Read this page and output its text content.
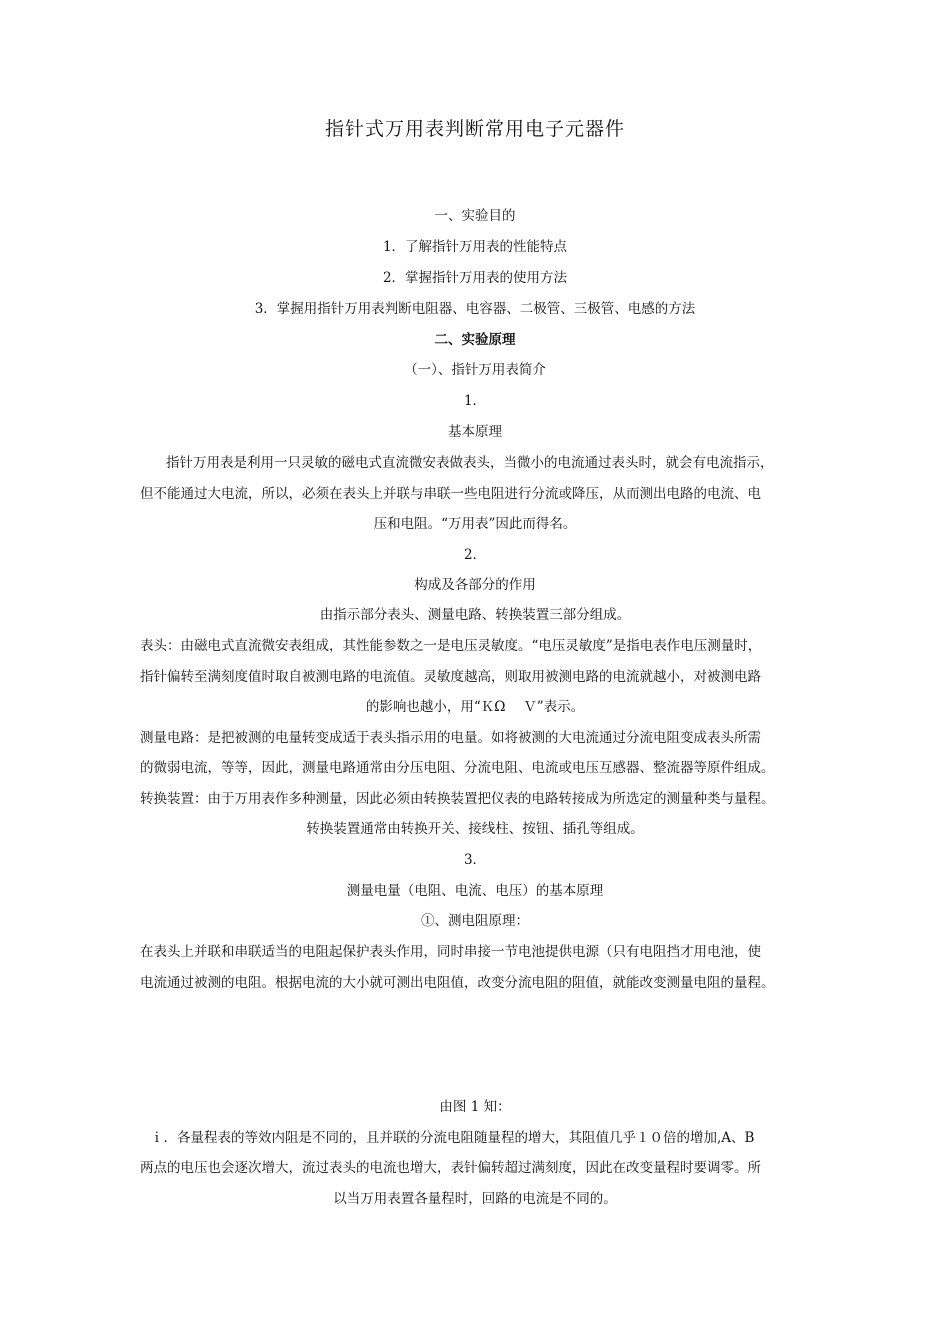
指针式万用表判断常用电子元器件
一、实验目的
1．了解指针万用表的性能特点
2．掌握指针万用表的使用方法
3．掌握用指针万用表判断电阻器、电容器、二极管、三极管、电感的方法
二、实验原理
（一）、指针万用表简介
1．
基本原理
指针万用表是利用一只灵敏的磁电式直流微安表做表头，当微小的电流通过表头时，就会有电流指示，
但不能通过大电流，所以，必须在表头上并联与串联一些电阻进行分流或降压，从而测出电路的电流、电
压和电阻。“万用表”因此而得名。
2．
构成及各部分的作用
由指示部分表头、测量电路、转换装置三部分组成。
表头：由磁电式直流微安表组成，其性能参数之一是电压灵敏度。“电压灵敏度”是指电表作电压测量时，
指针偏转至满刻度值时取自被测电路的电流值。灵敏度越高，则取用被测电路的电流就越小，对被测电路
的影响也越小，用“ＫΩ　 Ｖ”表示。
测量电路：是把被测的电量转变成适于表头指示用的电量。如将被测的大电流通过分流电阻变成表头所需
的微弱电流，等等，因此，测量电路通常由分压电阻、分流电阻、电流或电压互感器、整流器等原件组成。
转换装置：由于万用表作多种测量，因此必须由转换装置把仪表的电路转接成为所选定的测量种类与量程。
转换装置通常由转换开关、接线柱、按钮、插孔等组成。
3．
测量电量（电阻、电流、电压）的基本原理
①、测电阻原理：
在表头上并联和串联适当的电阻起保护表头作用，同时串接一节电池提供电源（只有电阻挡才用电池，使
电流通过被测的电阻。根据电流的大小就可测出电阻值，改变分流电阻的阻值，就能改变测量电阻的量程。
由图 1 知：
ｉ．各量程表的等效内阻是不同的，且并联的分流电阻随量程的增大，其阻值几乎１０倍的增加,A、B
两点的电压也会逐次增大，流过表头的电流也增大，表针偏转超过满刻度，因此在改变量程时要调零。所
以当万用表置各量程时，回路的电流是不同的。
